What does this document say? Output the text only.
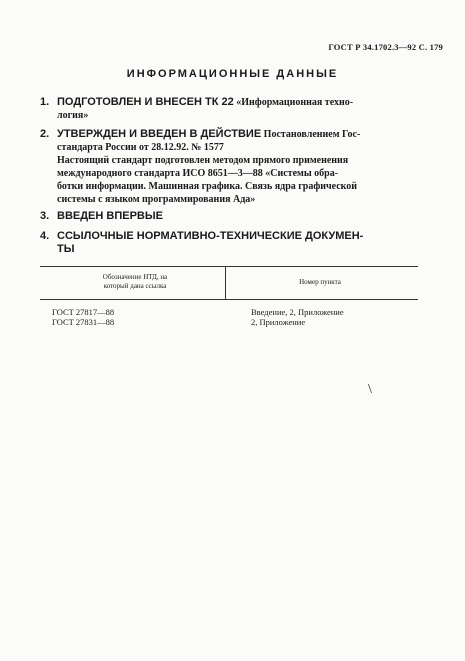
ГОСТ Р 34.1702.3—92 С. 179
ИНФОРМАЦИОННЫЕ ДАННЫЕ
1. ПОДГОТОВЛЕН И ВНЕСЕН ТК 22 «Информационная техно-
логия»
2. УТВЕРЖДЕН И ВВЕДЕН В ДЕЙСТВИЕ Постановлением Гос-
стандарта России от 28.12.92. № 1577
Настоящий стандарт подготовлен методом прямого применения
международного стандарта ИСО 8651—3—88 «Системы обра-
ботки информации. Машинная графика. Связь ядра графической
системы с языком программирования Ада»
3. ВВЕДЕН ВПЕРВЫЕ
4. ССЫЛОЧНЫЕ НОРМАТИВНО-ТЕХНИЧЕСКИЕ ДОКУМЕН-
ТЫ
Обозначение НТД, на
который дана ссылка	Номер пункта
ГОСТ 27817—88	Введение, 2, Приложение
ГОСТ 27831—88	2, Приложение
\
